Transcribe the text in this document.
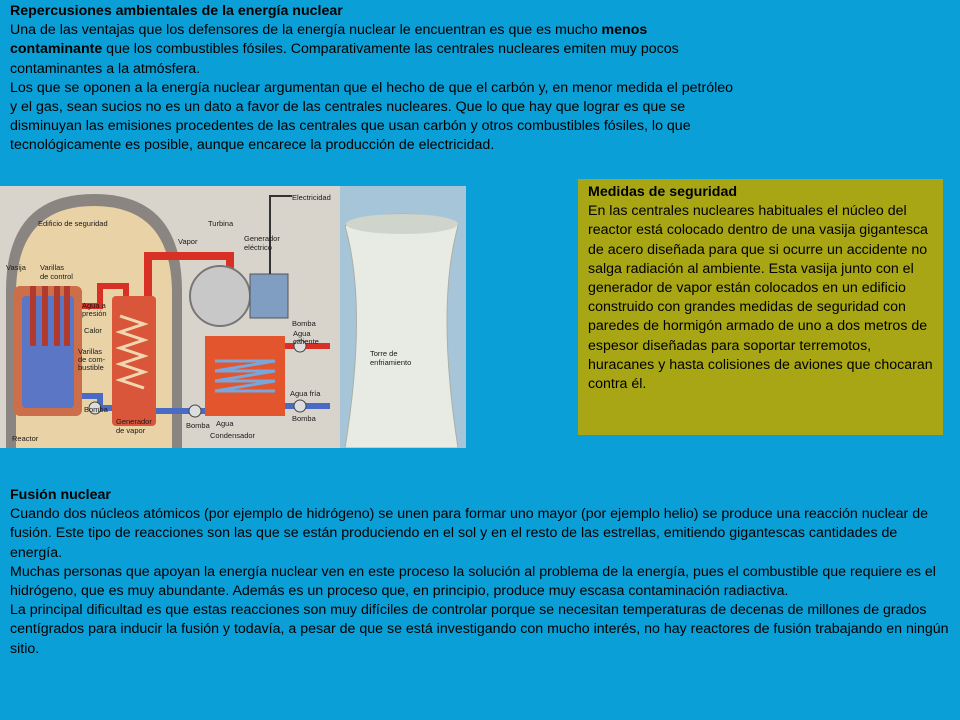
Repercusiones ambientales de la energía nuclear
Una de las ventajas que los defensores de la energía nuclear le encuentran es que es mucho menos contaminante que los combustibles fósiles. Comparativamente las centrales nucleares emiten muy pocos contaminantes a la atmósfera.
Los que se oponen a la energía nuclear argumentan que el hecho de que el carbón y, en menor medida el petróleo y el gas, sean sucios no es un dato a favor de las centrales nucleares. Que lo que hay que lograr es que se disminuyan las emisiones procedentes de las centrales que usan carbón y otros combustibles fósiles, lo que tecnológicamente es posible, aunque encarece la producción de electricidad.
Electricidad
Edificio de seguridad	Turbina
Vapor	Generador
eléctrico
Vasija Varillas
de control
Agua a
presión
Calor
Varillas
de com-
bustible
Bomba
Bomba
Agua
caliente
Torre de
enfriamiento
Agua fría
Bomba
Reactor
Generador
de vapor
Bomba Agua
Condensador
Medidas de seguridad
En las centrales nucleares habituales el núcleo del reactor está colocado dentro de una vasija gigantesca de acero diseñada para que si ocurre un accidente no salga radiación al ambiente. Esta vasija junto con el generador de vapor están colocados en un edificio construido con grandes medidas de seguridad con paredes de hormigón armado de uno a dos metros de espesor diseñadas para soportar terremotos, huracanes y hasta colisiones de aviones que chocaran contra él.
Fusión nuclear
Cuando dos núcleos atómicos (por ejemplo de hidrógeno) se unen para formar uno mayor (por ejemplo helio) se produce una reacción nuclear de fusión. Este tipo de reacciones son las que se están produciendo en el sol y en el resto de las estrellas, emitiendo gigantescas cantidades de energía.
Muchas personas que apoyan la energía nuclear ven en este proceso la solución al problema de la energía, pues el combustible que requiere es el hidrógeno, que es muy abundante. Además es un proceso que, en principio, produce muy escasa contaminación radiactiva.
La principal dificultad es que estas reacciones son muy difíciles de controlar porque se necesitan temperaturas de decenas de millones de grados centígrados para inducir la fusión y todavía, a pesar de que se está investigando con mucho interés, no hay reactores de fusión trabajando en ningún sitio.
